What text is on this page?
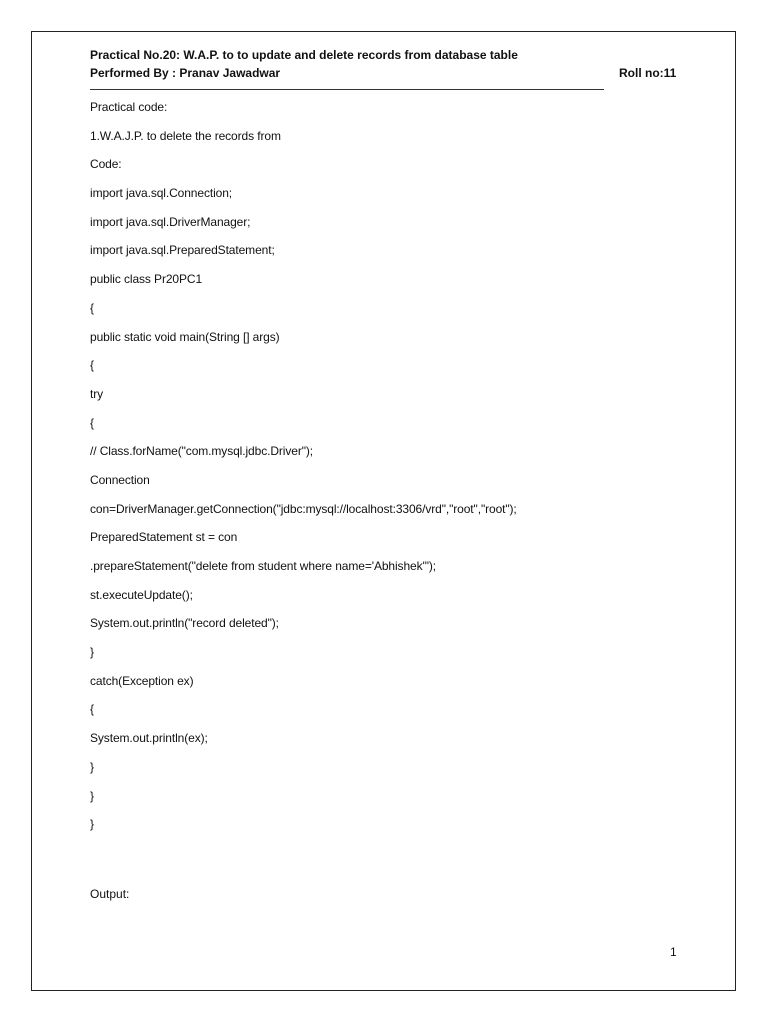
Practical No.20: W.A.P. to to update and delete records from database table
Performed By : Pranav Jawadwar	Roll no:11
Practical code:
1.W.A.J.P. to delete the records from
Code:
import java.sql.Connection;
import java.sql.DriverManager;
import java.sql.PreparedStatement;
public class Pr20PC1
{
public static void main(String [] args)
{
try
{
// Class.forName("com.mysql.jdbc.Driver");
Connection
con=DriverManager.getConnection("jdbc:mysql://localhost:3306/vrd","root","root");
PreparedStatement st = con
.prepareStatement("delete from student where name='Abhishek'");
st.executeUpdate();
System.out.println("record deleted");
}
catch(Exception ex)
{
System.out.println(ex);
}
}
}
Output:
1
